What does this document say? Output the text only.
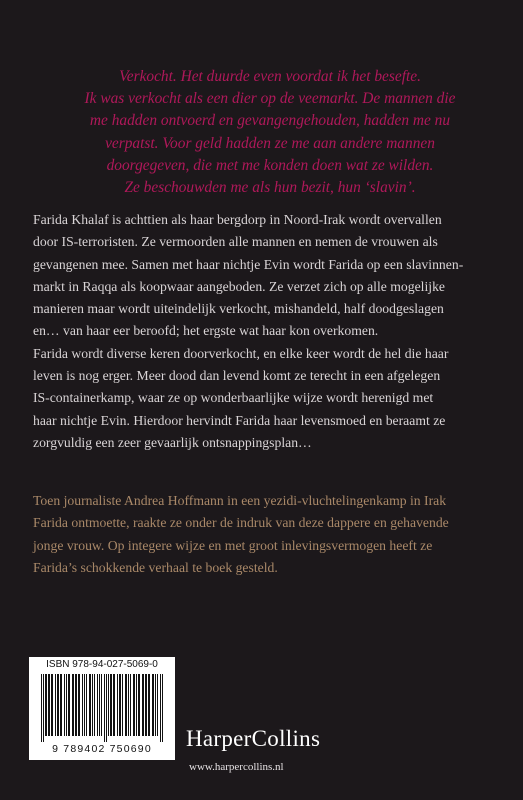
Verkocht. Het duurde even voordat ik het besefte.
Ik was verkocht als een dier op de veemarkt. De mannen die
me hadden ontvoerd en gevangengehouden, hadden me nu
verpatst. Voor geld hadden ze me aan andere mannen
doorgegeven, die met me konden doen wat ze wilden.
Ze beschouwden me als hun bezit, hun ‘slavin’.
Farida Khalaf is achttien als haar bergdorp in Noord-Irak wordt overvallen
door IS-terroristen. Ze vermoorden alle mannen en nemen de vrouwen als
gevangenen mee. Samen met haar nichtje Evin wordt Farida op een slavinnen-
markt in Raqqa als koopwaar aangeboden. Ze verzet zich op alle mogelijke
manieren maar wordt uiteindelijk verkocht, mishandeld, half doodgeslagen
en… van haar eer beroofd; het ergste wat haar kon overkomen.
Farida wordt diverse keren doorverkocht, en elke keer wordt de hel die haar
leven is nog erger. Meer dood dan levend komt ze terecht in een afgelegen
IS-containerkamp, waar ze op wonderbaarlijke wijze wordt herenigd met
haar nichtje Evin. Hierdoor hervindt Farida haar levensmoed en beraamt ze
zorgvuldig een zeer gevaarlijk ontsnappingsplan…
Toen journaliste Andrea Hoffmann in een yezidi-vluchtelingenkamp in Irak
Farida ontmoette, raakte ze onder de indruk van deze dappere en gehavende
jonge vrouw. Op integere wijze en met groot inlevingsvermogen heeft ze
Farida’s schokkende verhaal te boek gesteld.
ISBN 978-94-027-5069-0
9 789402 750690	HarperCollins
www.harpercollins.nl
